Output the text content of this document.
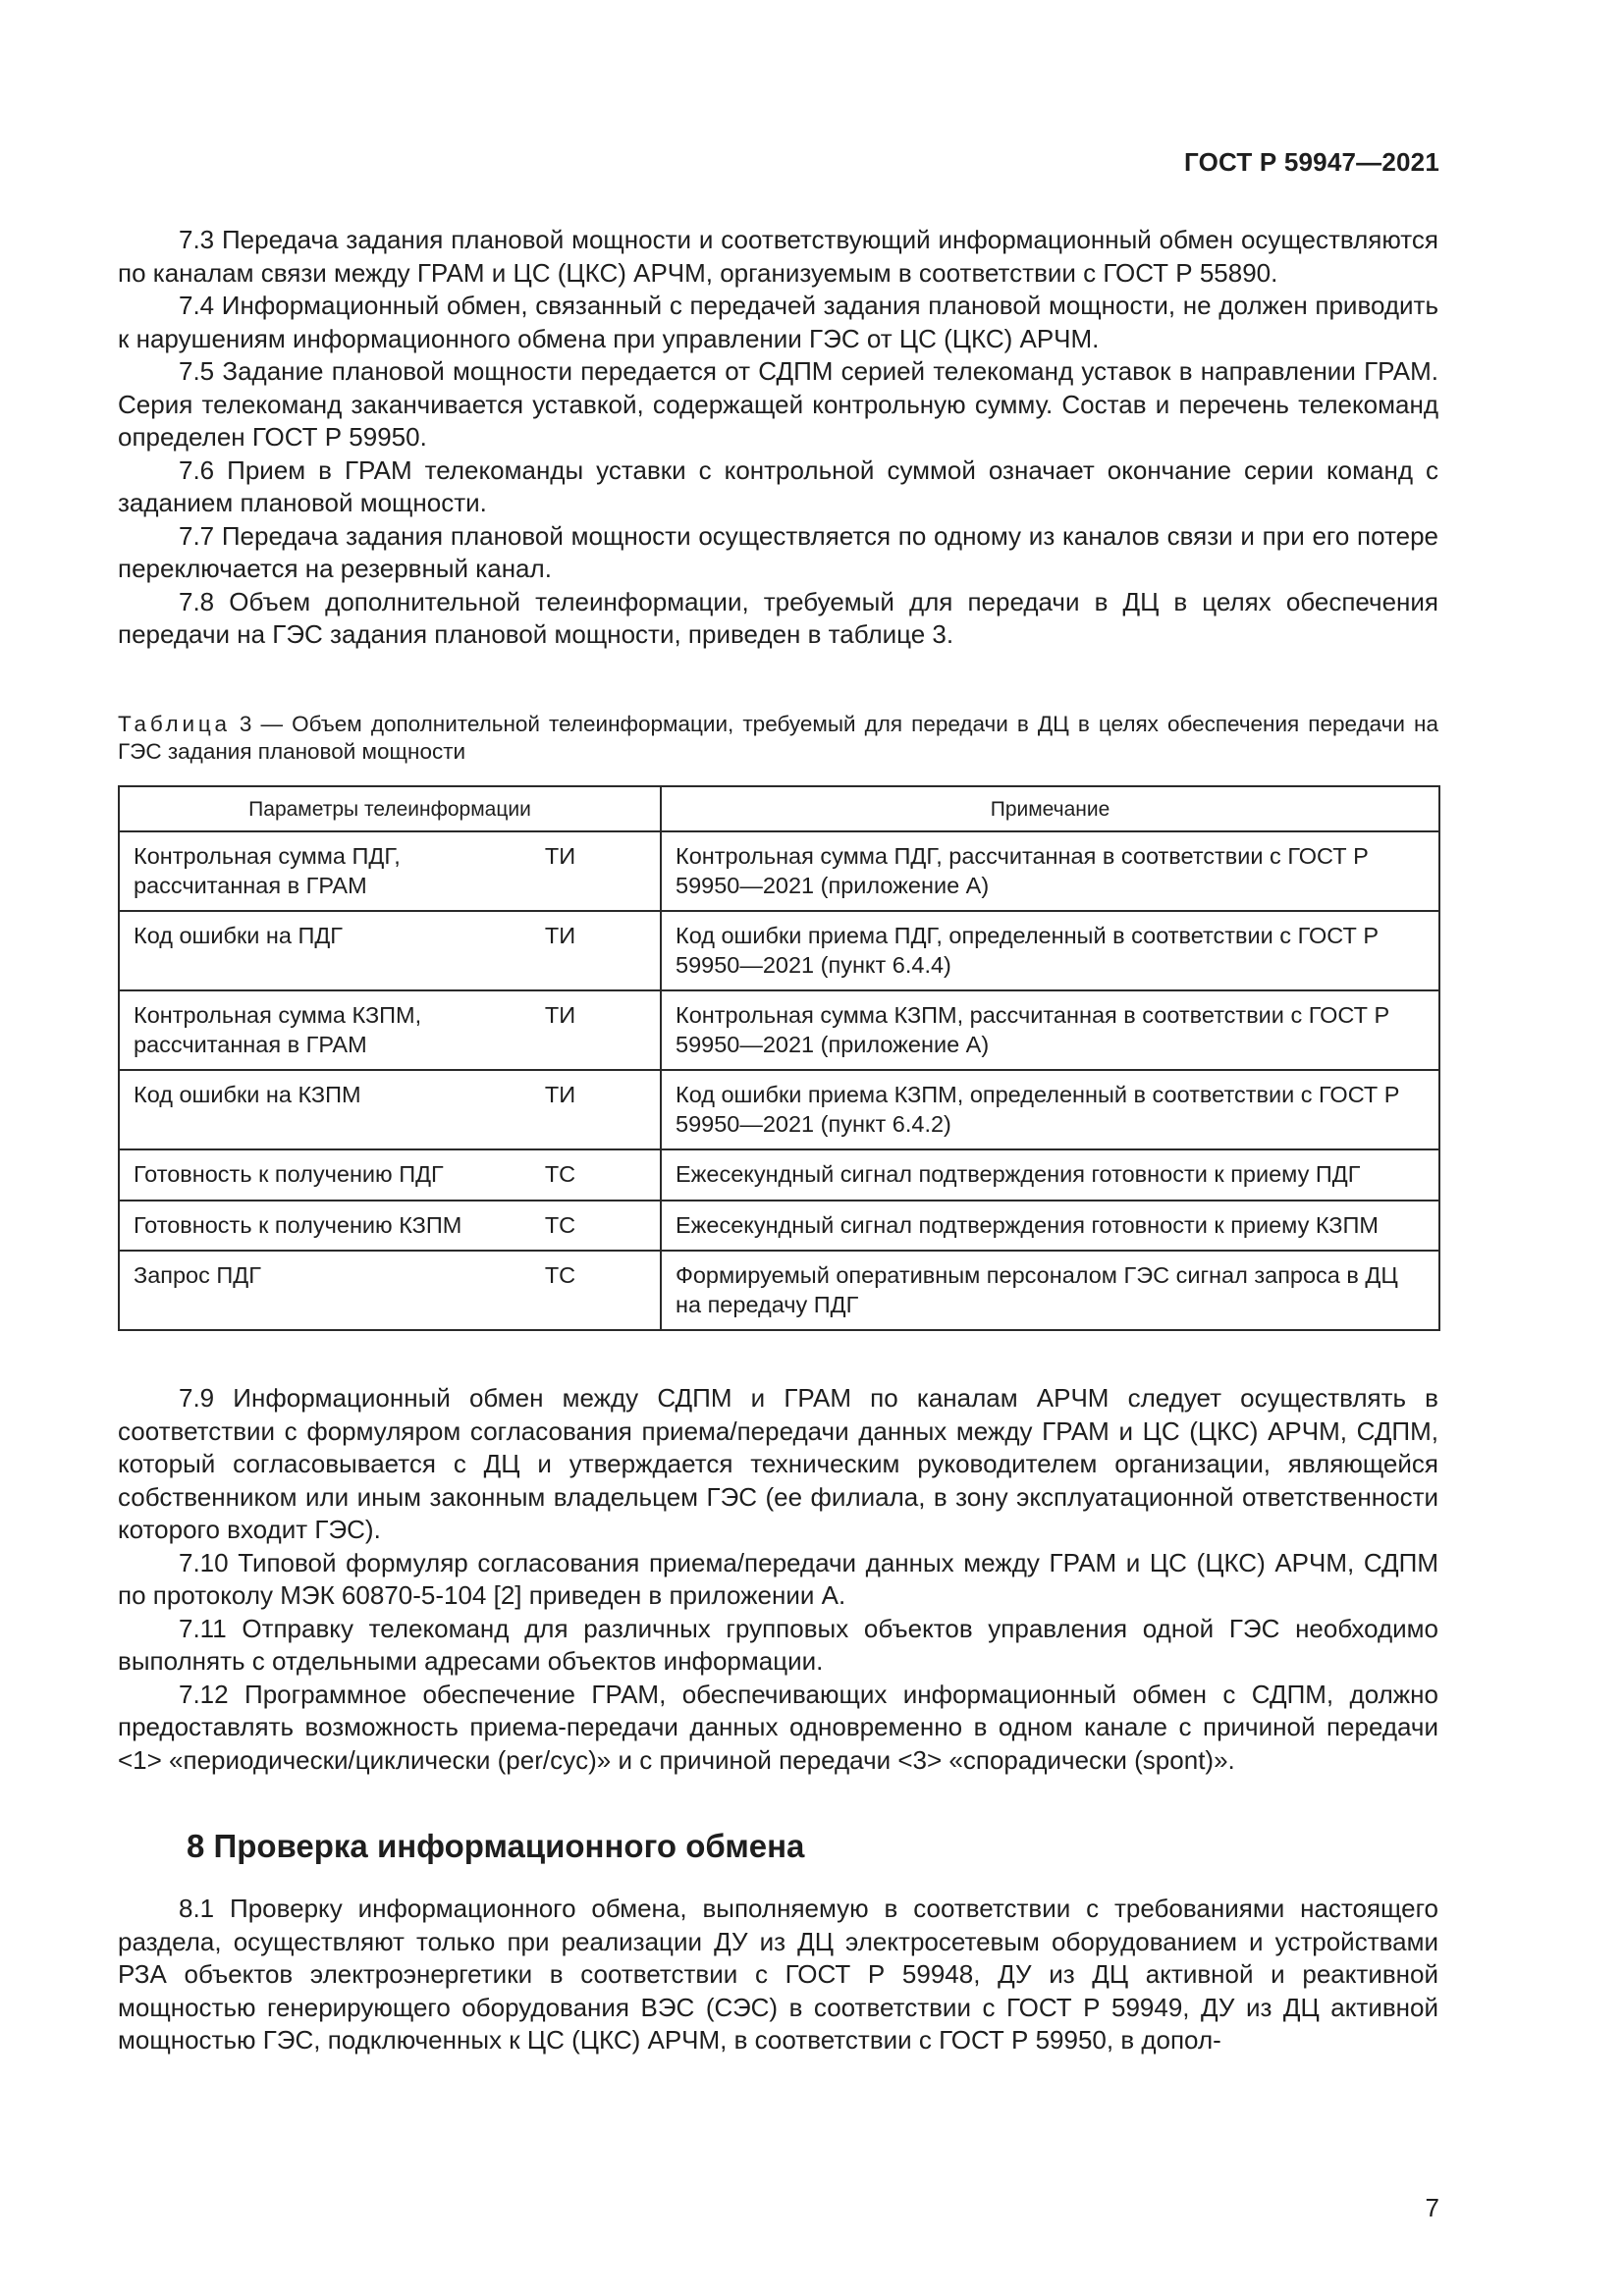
ГОСТ Р 59947—2021

7.3 Передача задания плановой мощности и соответствующий информационный обмен осуществляются по каналам связи между ГРАМ и ЦС (ЦКС) АРЧМ, организуемым в соответствии с ГОСТ Р 55890.

7.4 Информационный обмен, связанный с передачей задания плановой мощности, не должен приводить к нарушениям информационного обмена при управлении ГЭС от ЦС (ЦКС) АРЧМ.

7.5 Задание плановой мощности передается от СДПМ серией телекоманд уставок в направлении ГРАМ. Серия телекоманд заканчивается уставкой, содержащей контрольную сумму. Состав и перечень телекоманд определен ГОСТ Р 59950.

7.6 Прием в ГРАМ телекоманды уставки с контрольной суммой означает окончание серии команд с заданием плановой мощности.

7.7 Передача задания плановой мощности осуществляется по одному из каналов связи и при его потере переключается на резервный канал.

7.8 Объем дополнительной телеинформации, требуемый для передачи в ДЦ в целях обеспечения передачи на ГЭС задания плановой мощности, приведен в таблице 3.

Таблица 3 — Объем дополнительной телеинформации, требуемый для передачи в ДЦ в целях обеспечения передачи на ГЭС задания плановой мощности
Параметры телеинформации		Примечание
Контрольная сумма ПДГ, рассчитанная в ГРАМ	ТИ	Контрольная сумма ПДГ, рассчитанная в соответствии с ГОСТ Р 59950—2021 (приложение А)
Код ошибки на ПДГ	ТИ	Код ошибки приема ПДГ, определенный в соответствии с ГОСТ Р 59950—2021 (пункт 6.4.4)
Контрольная сумма КЗПМ, рассчитанная в ГРАМ	ТИ	Контрольная сумма КЗПМ, рассчитанная в соответствии с ГОСТ Р 59950—2021 (приложение А)
Код ошибки на КЗПМ	ТИ	Код ошибки приема КЗПМ, определенный в соответствии с ГОСТ Р 59950—2021 (пункт 6.4.2)
Готовность к получению ПДГ	ТС	Ежесекундный сигнал подтверждения готовности к приему ПДГ
Готовность к получению КЗПМ	ТС	Ежесекундный сигнал подтверждения готовности к приему КЗПМ
Запрос ПДГ	ТС	Формируемый оперативным персоналом ГЭС сигнал запроса в ДЦ на передачу ПДГ

7.9 Информационный обмен между СДПМ и ГРАМ по каналам АРЧМ следует осуществлять в соответствии с формуляром согласования приема/передачи данных между ГРАМ и ЦС (ЦКС) АРЧМ, СДПМ, который согласовывается с ДЦ и утверждается техническим руководителем организации, являющейся собственником или иным законным владельцем ГЭС (ее филиала, в зону эксплуатационной ответственности которого входит ГЭС).

7.10 Типовой формуляр согласования приема/передачи данных между ГРАМ и ЦС (ЦКС) АРЧМ, СДПМ по протоколу МЭК 60870-5-104 [2] приведен в приложении А.

7.11 Отправку телекоманд для различных групповых объектов управления одной ГЭС необходимо выполнять с отдельными адресами объектов информации.

7.12 Программное обеспечение ГРАМ, обеспечивающих информационный обмен с СДПМ, должно предоставлять возможность приема-передачи данных одновременно в одном канале с причиной передачи <1> «периодически/циклически (per/cyc)» и с причиной передачи <3> «спорадически (spont)».

8 Проверка информационного обмена

8.1 Проверку информационного обмена, выполняемую в соответствии с требованиями настоящего раздела, осуществляют только при реализации ДУ из ДЦ электросетевым оборудованием и устройствами РЗА объектов электроэнергетики в соответствии с ГОСТ Р 59948, ДУ из ДЦ активной и реактивной мощностью генерирующего оборудования ВЭС (СЭС) в соответствии с ГОСТ Р 59949, ДУ из ДЦ активной мощностью ГЭС, подключенных к ЦС (ЦКС) АРЧМ, в соответствии с ГОСТ Р 59950, в допол-

7
